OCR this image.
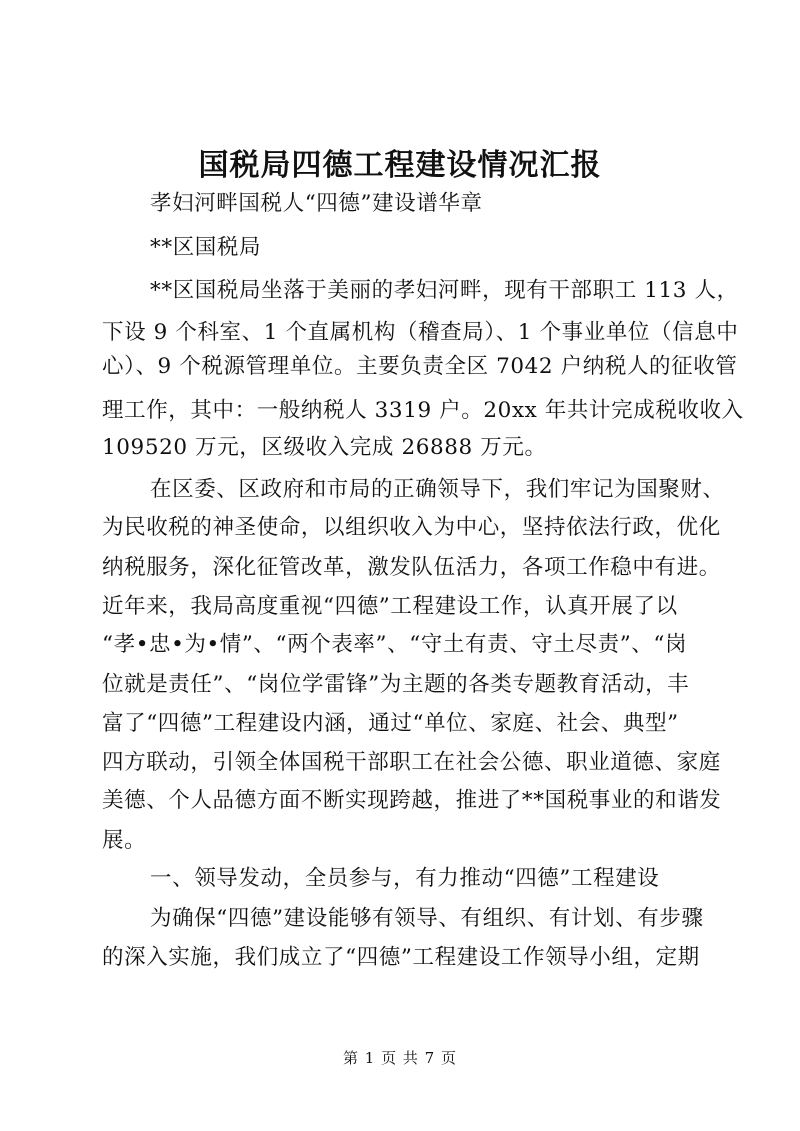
国税局四德工程建设情况汇报
孝妇河畔国税人“四德”建设谱华章
**区国税局
**区国税局坐落于美丽的孝妇河畔，现有干部职工 113 人，
下设 9 个科室、1 个直属机构（稽查局）、1 个事业单位（信息中
心）、9 个税源管理单位。主要负责全区 7042 户纳税人的征收管
理工作，其中：一般纳税人 3319 户。20xx 年共计完成税收收入
109520 万元，区级收入完成 26888 万元。
在区委、区政府和市局的正确领导下，我们牢记为国聚财、
为民收税的神圣使命，以组织收入为中心，坚持依法行政，优化
纳税服务，深化征管改革，激发队伍活力，各项工作稳中有进。
近年来，我局高度重视“四德”工程建设工作，认真开展了以
“孝•忠•为•情”、“两个表率”、“守土有责、守土尽责”、“岗
位就是责任”、“岗位学雷锋”为主题的各类专题教育活动，丰
富了“四德”工程建设内涵，通过“单位、家庭、社会、典型”
四方联动，引领全体国税干部职工在社会公德、职业道德、家庭
美德、个人品德方面不断实现跨越，推进了**国税事业的和谐发
展。
一、领导发动，全员参与，有力推动“四德”工程建设
为确保“四德”建设能够有领导、有组织、有计划、有步骤
的深入实施，我们成立了“四德”工程建设工作领导小组，定期
第 1 页 共 7 页
